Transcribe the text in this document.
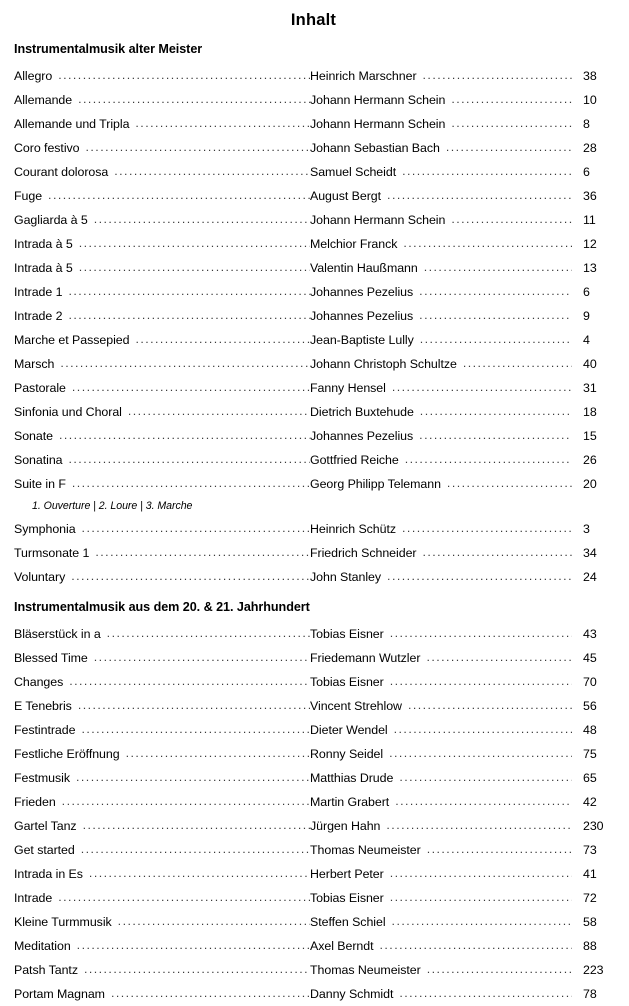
Inhalt
Instrumentalmusik alter Meister
Allegro .....	Heinrich Marschner .....	38
Allemande .....	Johann Hermann Schein .....	10
Allemande und Tripla .....	Johann Hermann Schein .....	8
Coro festivo .....	Johann Sebastian Bach .....	28
Courant dolorosa .....	Samuel Scheidt .....	6
Fuge .....	August Bergt .....	36
Gagliarda à 5 .....	Johann Hermann Schein .....	11
Intrada à 5 .....	Melchior Franck .....	12
Intrada à 5 .....	Valentin Haußmann .....	13
Intrade 1 .....	Johannes Pezelius .....	6
Intrade 2 .....	Johannes Pezelius .....	9
Marche et Passepied .....	Jean-Baptiste Lully .....	4
Marsch .....	Johann Christoph Schultze .....	40
Pastorale .....	Fanny Hensel .....	31
Sinfonia und Choral .....	Dietrich Buxtehude .....	18
Sonate .....	Johannes Pezelius .....	15
Sonatina .....	Gottfried Reiche .....	26
Suite in F .....	Georg Philipp Telemann .....	20
1. Ouverture | 2. Loure | 3. Marche
Symphonia .....	Heinrich Schütz .....	3
Turmsonate 1 .....	Friedrich Schneider .....	34
Voluntary .....	John Stanley .....	24
Instrumentalmusik aus dem 20. & 21. Jahrhundert
Bläserstück in a .....	Tobias Eisner .....	43
Blessed Time .....	Friedemann Wutzler .....	45
Changes .....	Tobias Eisner .....	70
E Tenebris .....	Vincent Strehlow .....	56
Festintrade .....	Dieter Wendel .....	48
Festliche Eröffnung .....	Ronny Seidel .....	75
Festmusik .....	Matthias Drude .....	65
Frieden .....	Martin Grabert .....	42
Gartel Tanz .....	Jürgen Hahn .....	230
Get started .....	Thomas Neumeister .....	73
Intrada in Es .....	Herbert Peter .....	41
Intrade .....	Tobias Eisner .....	72
Kleine Turmmusik .....	Steffen Schiel .....	58
Meditation .....	Axel Berndt .....	88
Patsh Tantz .....	Thomas Neumeister .....	223
Portam Magnam .....	Danny Schmidt .....	78
